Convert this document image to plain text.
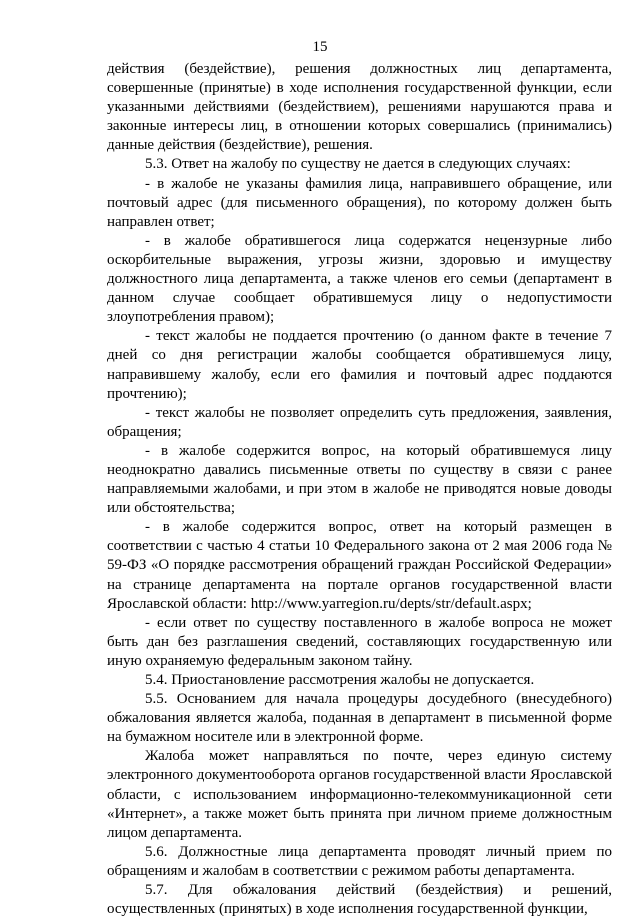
15

действия (бездействие), решения должностных лиц департамента, совершенные (принятые) в ходе исполнения государственной функции, если указанными действиями (бездействием), решениями нарушаются права и законные интересы лиц, в отношении которых совершались (принимались) данные действия (бездействие), решения.

5.3. Ответ на жалобу по существу не дается в следующих случаях:

- в жалобе не указаны фамилия лица, направившего обращение, или почтовый адрес (для письменного обращения), по которому должен быть направлен ответ;

- в жалобе обратившегося лица содержатся нецензурные либо оскорбительные выражения, угрозы жизни, здоровью и имуществу должностного лица департамента, а также членов его семьи (департамент в данном случае сообщает обратившемуся лицу о недопустимости злоупотребления правом);

- текст жалобы не поддается прочтению (о данном факте в течение 7 дней со дня регистрации жалобы сообщается обратившемуся лицу, направившему жалобу, если его фамилия и почтовый адрес поддаются прочтению);

- текст жалобы не позволяет определить суть предложения, заявления, обращения;

- в жалобе содержится вопрос, на который обратившемуся лицу неоднократно давались письменные ответы по существу в связи с ранее направляемыми жалобами, и при этом в жалобе не приводятся новые доводы или обстоятельства;

- в жалобе содержится вопрос, ответ на который размещен в соответствии с частью 4 статьи 10 Федерального закона от 2 мая 2006 года № 59-ФЗ «О порядке рассмотрения обращений граждан Российской Федерации» на странице департамента на портале органов государственной власти Ярославской области: http://www.yarregion.ru/depts/str/default.aspx;

- если ответ по существу поставленного в жалобе вопроса не может быть дан без разглашения сведений, составляющих государственную или иную охраняемую федеральным законом тайну.

5.4. Приостановление рассмотрения жалобы не допускается.

5.5. Основанием для начала процедуры досудебного (внесудебного) обжалования является жалоба, поданная в департамент в письменной форме на бумажном носителе или в электронной форме.

Жалоба может направляться по почте, через единую систему электронного документооборота органов государственной власти Ярославской области, с использованием информационно-телекоммуникационной сети «Интернет», а также может быть принята при личном приеме должностным лицом департамента.

5.6. Должностные лица департамента проводят личный прием по обращениям и жалобам в соответствии с режимом работы департамента.

5.7. Для обжалования действий (бездействия) и решений, осуществленных (принятых) в ходе исполнения государственной функции,
